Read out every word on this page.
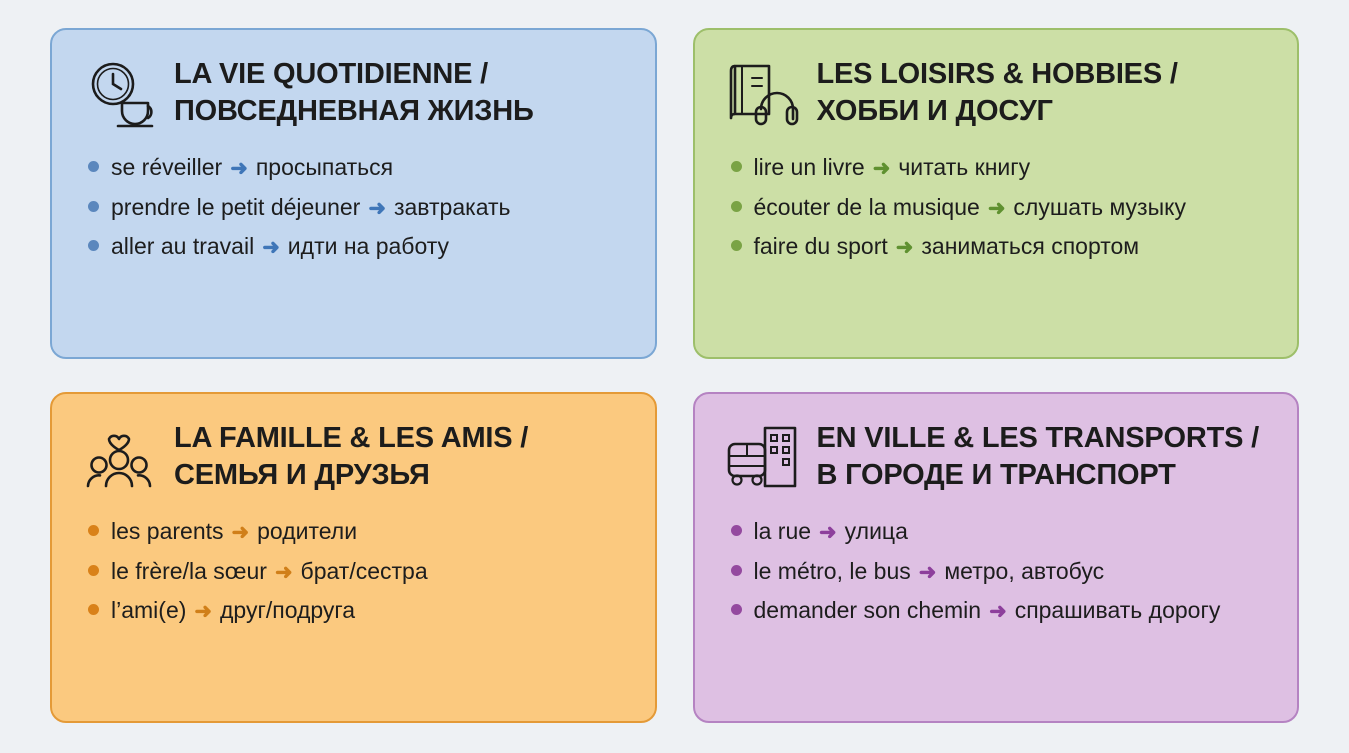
LA VIE QUOTIDIENNE /
ПОВСЕДНЕВНАЯ ЖИЗНЬ
se réveiller ➜ просыпаться
prendre le petit déjeuner ➜ завтракать
aller au travail ➜ идти на работу
LES LOISIRS & HOBBIES /
ХОББИ И ДОСУГ
lire un livre ➜ читать книгу
écouter de la musique ➜ слушать музыку
faire du sport ➜ заниматься спортом
LA FAMILLE & LES AMIS /
СЕМЬЯ И ДРУЗЬЯ
les parents ➜ родители
le frère/la sœur ➜ брат/сестра
l’ami(e) ➜ друг/подруга
EN VILLE & LES TRANSPORTS /
В ГОРОДЕ И ТРАНСПОРТ
la rue ➜ улица
le métro, le bus ➜ метро, автобус
demander son chemin ➜ спрашивать дорогу
